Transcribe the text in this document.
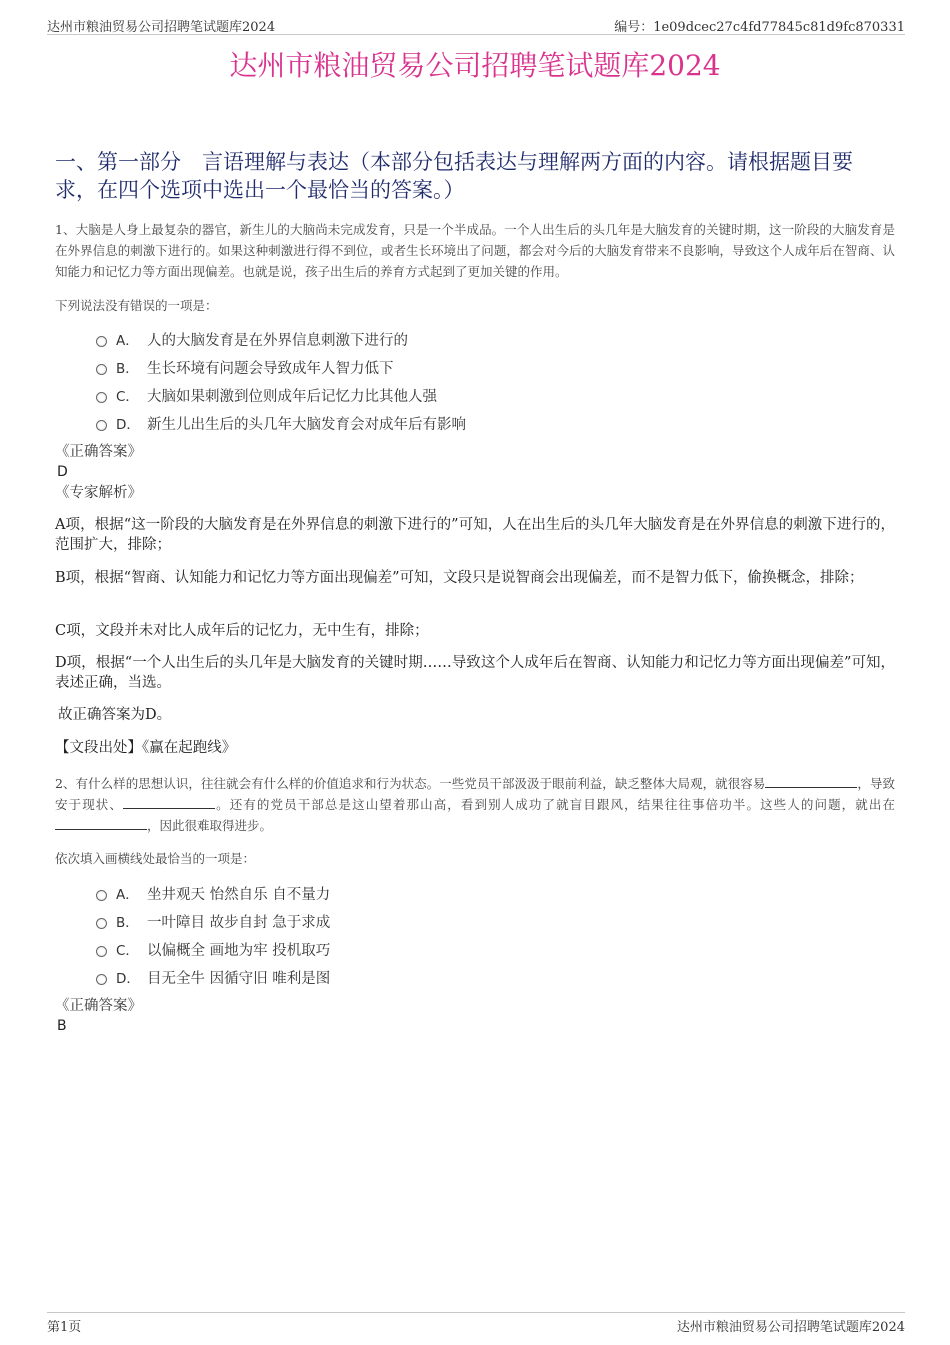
达州市粮油贸易公司招聘笔试题库2024	编号：1e09dcec27c4fd77845c81d9fc870331
达州市粮油贸易公司招聘笔试题库2024
一、第一部分　言语理解与表达（本部分包括表达与理解两方面的内容。请根据题目要求，在四个选项中选出一个最恰当的答案。）

1、大脑是人身上最复杂的器官，新生儿的大脑尚未完成发育，只是一个半成品。一个人出生后的头几年是大脑发育的关键时期，这一阶段的大脑发育是在外界信息的刺激下进行的。如果这种刺激进行得不到位，或者生长环境出了问题，都会对今后的大脑发育带来不良影响，导致这个人成年后在智商、认知能力和记忆力等方面出现偏差。也就是说，孩子出生后的养育方式起到了更加关键的作用。

下列说法没有错误的一项是：
A． 人的大脑发育是在外界信息刺激下进行的
B． 生长环境有问题会导致成年人智力低下
C． 大脑如果刺激到位则成年后记忆力比其他人强
D． 新生儿出生后的头几年大脑发育会对成年后有影响
《正确答案》
D
《专家解析》

A项，根据“这一阶段的大脑发育是在外界信息的刺激下进行的”可知，人在出生后的头几年大脑发育是在外界信息的刺激下进行的，范围扩大，排除；

B项，根据“智商、认知能力和记忆力等方面出现偏差”可知，文段只是说智商会出现偏差，而不是智力低下，偷换概念，排除；

C项，文段并未对比人成年后的记忆力，无中生有，排除；

D项，根据“一个人出生后的头几年是大脑发育的关键时期……导致这个人成年后在智商、认知能力和记忆力等方面出现偏差”可知，表述正确，当选。

故正确答案为D。
【文段出处】《赢在起跑线》

2、有什么样的思想认识，往往就会有什么样的价值追求和行为状态。一些党员干部汲汲于眼前利益，缺乏整体大局观，就很容易	，导致安于现状、	。还有的党员干部总是这山望着那山高，看到别人成功了就盲目跟风，结果往往事倍功半。这些人的问题，就出在，因此很难取得进步。

依次填入画横线处最恰当的一项是：
A． 坐井观天 怡然自乐 自不量力
B． 一叶障目 故步自封 急于求成
C． 以偏概全 画地为牢 投机取巧
D． 目无全牛 因循守旧 唯利是图
《正确答案》
B
第1页	达州市粮油贸易公司招聘笔试题库2024
